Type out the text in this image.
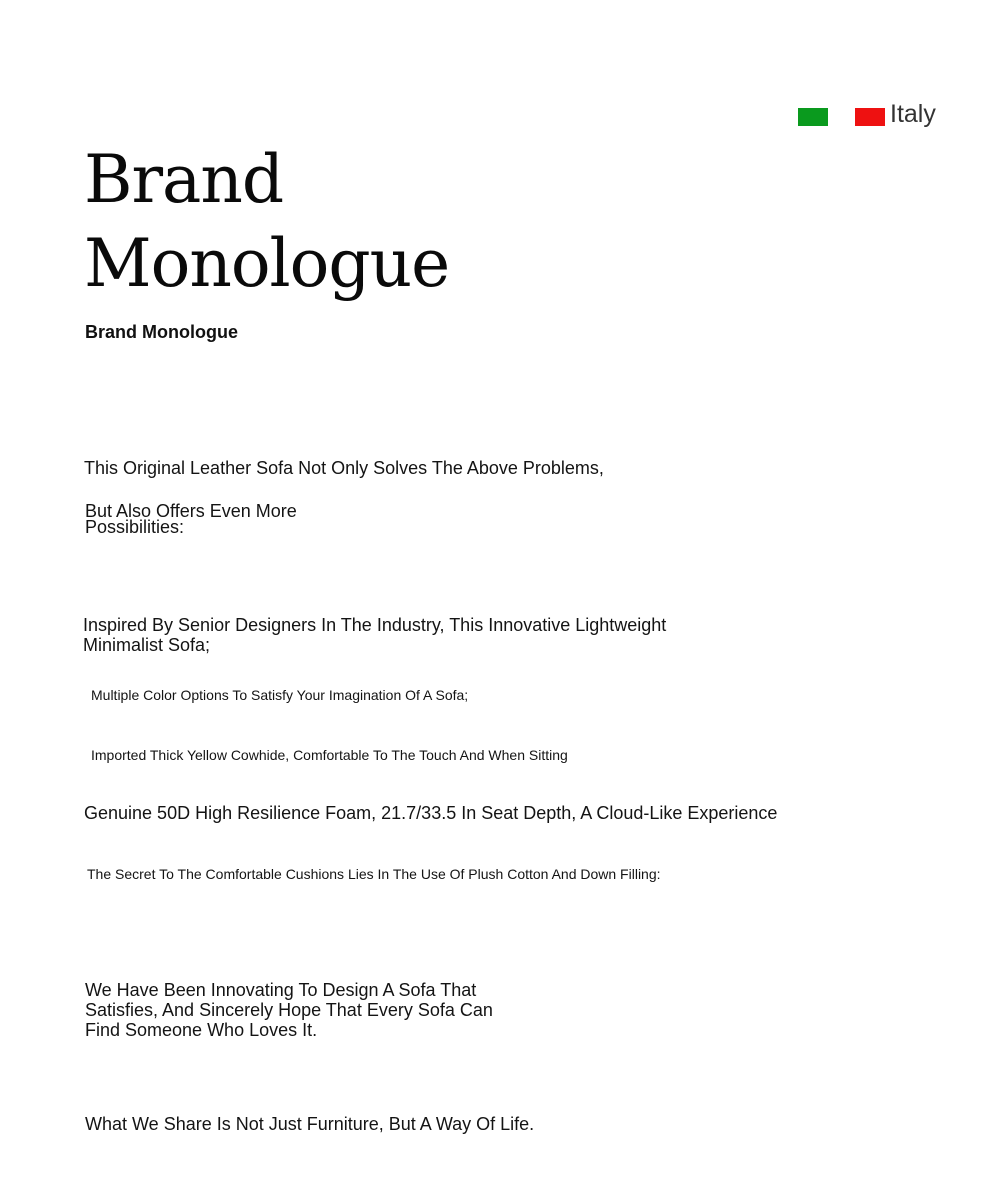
Italy
Brand
Monologue
Brand Monologue
This Original Leather Sofa Not Only Solves The Above Problems,
But Also Offers Even More Possibilities:
Inspired By Senior Designers In The Industry, This Innovative Lightweight Minimalist Sofa;
Multiple Color Options To Satisfy Your Imagination Of A Sofa;
Imported Thick Yellow Cowhide, Comfortable To The Touch And When Sitting
Genuine 50D High Resilience Foam, 21.7/33.5 In Seat Depth, A Cloud-Like Experience
The Secret To The Comfortable Cushions Lies In The Use Of Plush Cotton And Down Filling:
We Have Been Innovating To Design A Sofa That Satisfies, And Sincerely Hope That Every Sofa Can Find Someone Who Loves It.
What We Share Is Not Just Furniture, But A Way Of Life.
